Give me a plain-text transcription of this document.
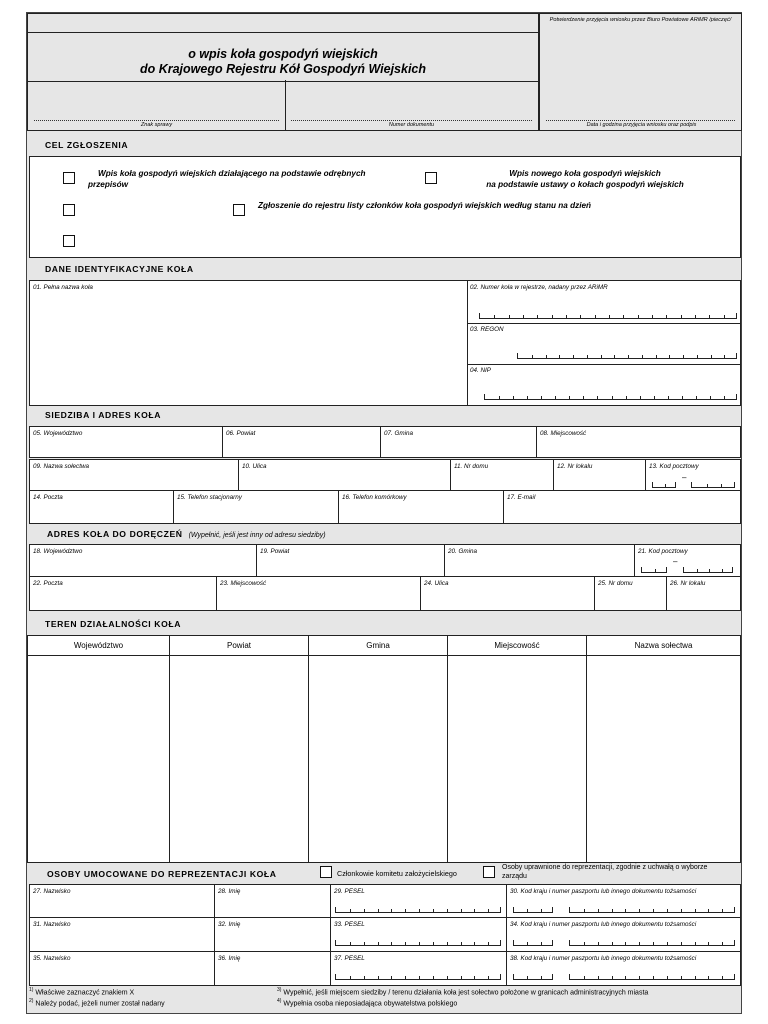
o wpis koła gospodyń wiejskich
do Krajowego Rejestru Kół Gospodyń Wiejskich
Znak sprawy	Numer dokumentu
Potwierdzenie przyjęcia wniosku przez Biuro Powiatowe ARiMR /pieczęć/
Data i godzina przyjęcia wniosku oraz podpis
CEL ZGŁOSZENIA
Wpis koła gospodyń wiejskich działającego na podstawie odrębnych przepisów
Wpis nowego koła gospodyń wiejskich
na podstawie ustawy o kołach gospodyń wiejskich
Zgłoszenie do rejestru listy członków koła gospodyń wiejskich według stanu na dzień
DANE IDENTYFIKACYJNE KOŁA
01. Pełna nazwa koła	02. Numer koła w rejestrze, nadany przez ARiMR
03. REGON
04. NIP
SIEDZIBA I ADRES KOŁA
05. Województwo	06. Powiat	07. Gmina	08. Miejscowość
09. Nazwa sołectwa	10. Ulica	11. Nr domu	12. Nr lokalu	13. Kod pocztowy
–
14. Poczta	15. Telefon stacjonarny	16. Telefon komórkowy	17. E-mail
ADRES KOŁA DO DORĘCZEŃ (Wypełnić, jeśli jest inny od adresu siedziby)
18. Województwo	19. Powiat	20. Gmina	21. Kod pocztowy
–
22. Poczta	23. Miejscowość	24. Ulica	25. Nr domu	26. Nr lokalu
TEREN DZIAŁALNOŚCI KOŁA
Województwo	Powiat	Gmina	Miejscowość	Nazwa sołectwa
OSOBY UMOCOWANE DO REPREZENTACJI KOŁA	Członkowie komitetu założycielskiego
Osoby uprawnione do reprezentacji, zgodnie z uchwałą o wyborze
zarządu
27. Nazwisko	28. Imię	29. PESEL	30. Kod kraju i numer paszportu lub innego dokumentu tożsamości
31. Nazwisko	32. Imię	33. PESEL	34. Kod kraju i numer paszportu lub innego dokumentu tożsamości
35. Nazwisko	36. Imię	37. PESEL	38. Kod kraju i numer paszportu lub innego dokumentu tożsamości
$^{1)}$ Właściwe zaznaczyć znakiem X
$^{2)}$ Należy podać, jeżeli numer został nadany
$^{3)}$ Wypełnić, jeśli miejscem siedziby / terenu działania koła jest sołectwo położone w granicach administracyjnych miasta
$^{4)}$ Wypełnia osoba nieposiadająca obywatelstwa polskiego
